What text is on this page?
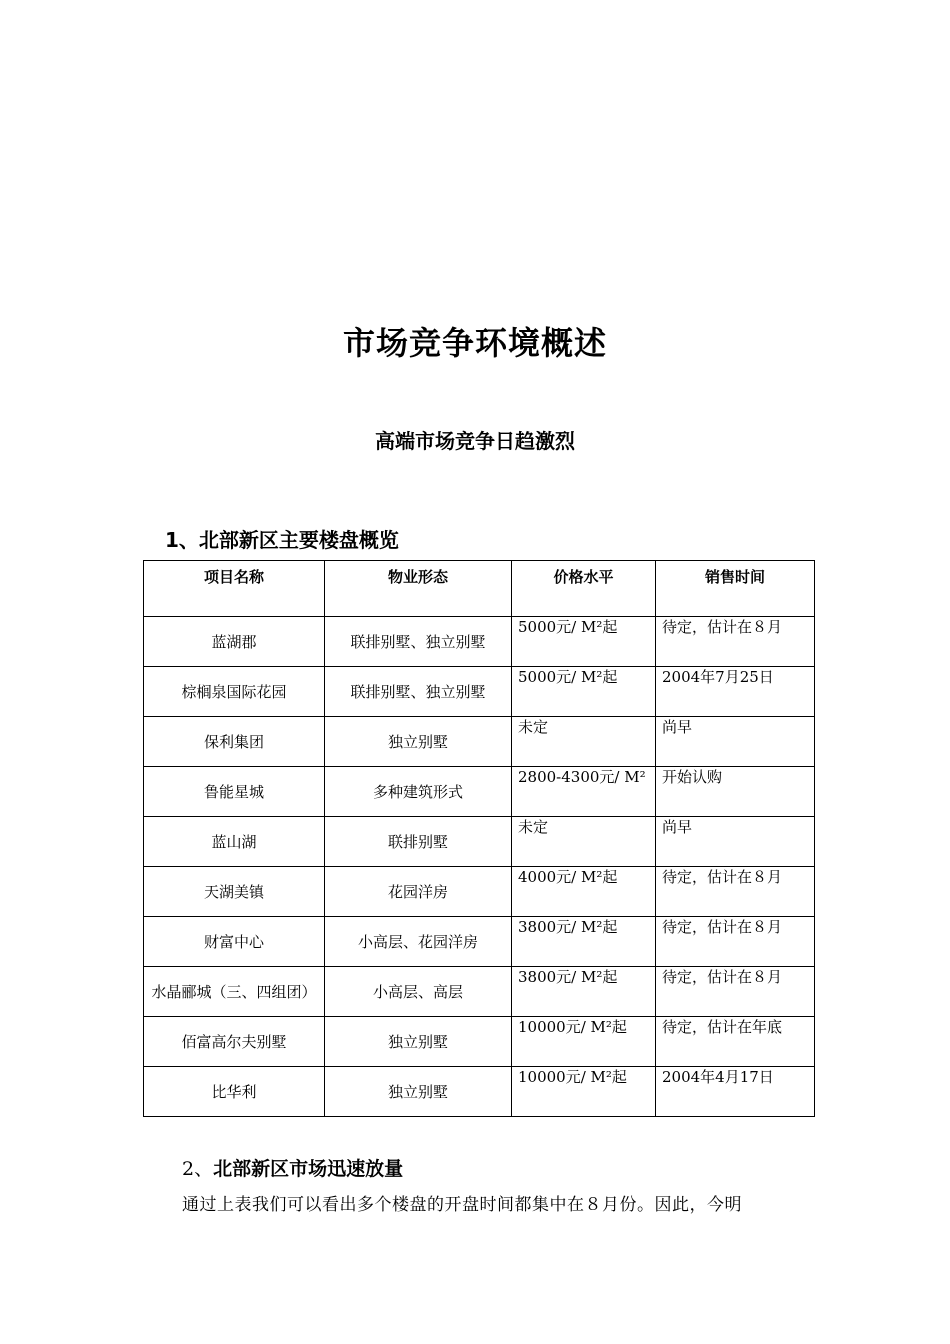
市场竞争环境概述
高端市场竞争日趋激烈
1、北部新区主要楼盘概览
项目名称	物业形态	价格水平	销售时间
蓝湖郡	联排别墅、独立别墅	5000元/ M²起	待定，估计在８月
棕榈泉国际花园	联排别墅、独立别墅	5000元/ M²起	2004年7月25日
保利集团	独立别墅	未定	尚早
鲁能星城	多种建筑形式	2800-4300元/ M²	开始认购
蓝山湖	联排别墅	未定	尚早
天湖美镇	花园洋房	4000元/ M²起	待定，估计在８月
财富中心	小高层、花园洋房	3800元/ M²起	待定，估计在８月
水晶郦城（三、四组团）	小高层、高层	3800元/ M²起	待定，估计在８月
佰富高尔夫别墅	独立别墅	10000元/ M²起	待定，估计在年底
比华利	独立别墅	10000元/ M²起	2004年4月17日
2、北部新区市场迅速放量
通过上表我们可以看出多个楼盘的开盘时间都集中在８月份。因此，今明
